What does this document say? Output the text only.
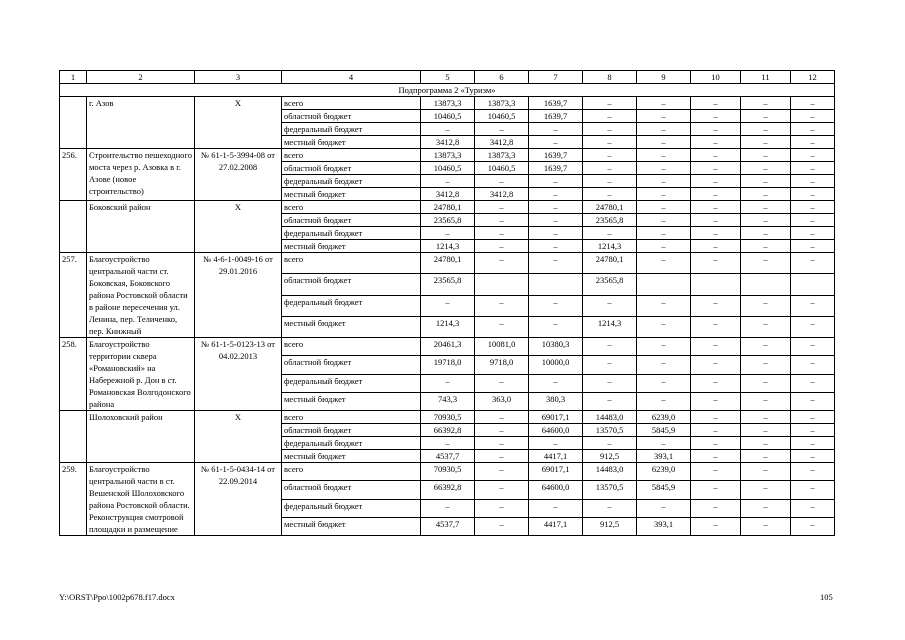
1	2	3	4	5	6	7	8	9	10	11	12
Подпрограмма 2 «Туризм»											
	г. Азов	Х	всего	13873,3	13873,3	1639,7	–	–	–	–	–
			областной бюджет	10460,5	10460,5	1639,7	–	–	–	–	–
			федеральный бюджет	–	–	–	–	–	–	–	–
			местный бюджет	3412,8	3412,8	–	–	–	–	–	–
256.	Строительство пешеходного моста через р. Азовка в г. Азове (новое строительство)	№ 61-1-5-3994-08 от 27.02.2008	всего	13873,3	13873,3	1639,7	–	–	–	–	–
			областной бюджет	10460,5	10460,5	1639,7	–	–	–	–	–
			федеральный бюджет	–	–	–	–	–	–	–	–
			местный бюджет	3412,8	3412,8	–	–	–	–	–	–
	Боковский район	Х	всего	24780,1	–	–	24780,1	–	–	–	–
			областной бюджет	23565,8	–	–	23565,8	–	–	–	–
			федеральный бюджет	–	–	–	–	–	–	–	–
			местный бюджет	1214,3	–	–	1214,3	–	–	–	–
257.	Благоустройство центральной части ст. Боковская, Боковского района Ростовской области в районе пересечения ул. Ленина, пер. Теличенко, пер. Книжный	№ 4-6-1-0049-16 от 29.01.2016	всего	24780,1	–	–	24780,1	–	–	–	–
			областной бюджет	23565,8			23565,8				
			федеральный бюджет	–	–	–	–	–	–	–	–
			местный бюджет	1214,3	–	–	1214,3	–	–	–	–
258.	Благоустройство территории сквера «Романовский» на Набережной р. Дон в ст. Романовская Волгодонского района	№ 61-1-5-0123-13 от 04.02.2013	всего	20461,3	10081,0	10380,3	–	–	–	–	–
			областной бюджет	19718,0	9718,0	10000,0	–	–	–	–	–
			федеральный бюджет	–	–	–	–	–	–	–	–
			местный бюджет	743,3	363,0	380,3	–	–	–	–	–
	Шолоховский район	Х	всего	70930,5	–	69017,1	14483,0	6239,0	–	–	–
			областной бюджет	66392,8	–	64600,0	13570,5	5845,9	–	–	–
			федеральный бюджет	–	–	–	–	–	–	–	–
			местный бюджет	4537,7	–	4417,1	912,5	393,1	–	–	–
259.	Благоустройство центральной части в ст. Вешенской Шолоховского района Ростовской области. Реконструкция смотровой площадки и размещение	№ 61-1-5-0434-14 от 22.09.2014	всего	70930,5	–	69017,1	14483,0	6239,0	–	–	–
			областной бюджет	66392,8	–	64600,0	13570,5	5845,9	–	–	–
			федеральный бюджет	–	–	–	–	–	–	–	–
			местный бюджет	4537,7	–	4417,1	912,5	393,1	–	–	–
Y:\ORST\Ppo\1002p678.f17.docx	105
